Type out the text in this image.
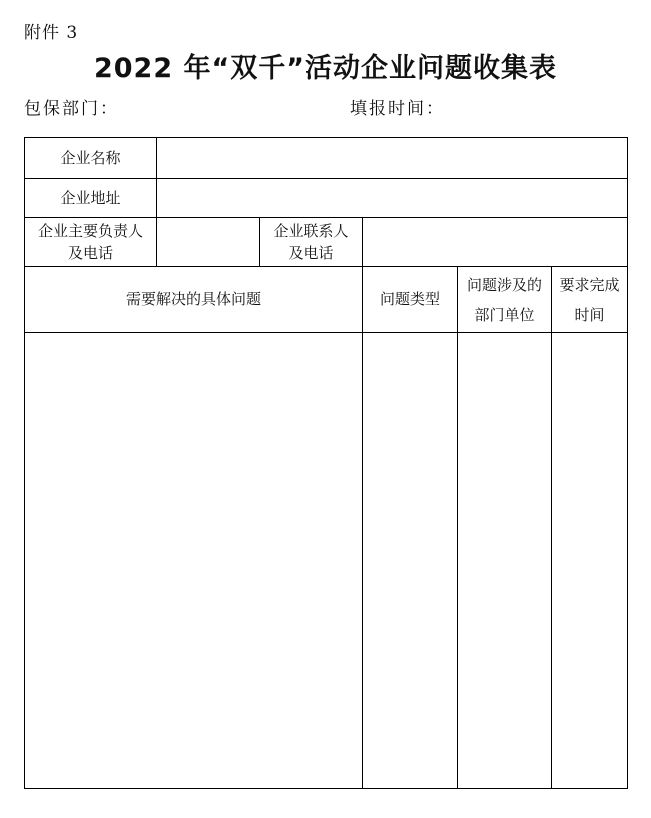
附件 3
2022 年“双千”活动企业问题收集表
包保部门：	填报时间：
企业名称
企业地址
企业主要负责人
及电话
企业联系人
及电话
需要解决的具体问题	问题类型
问题涉及的
部门单位
要求完成
时间
